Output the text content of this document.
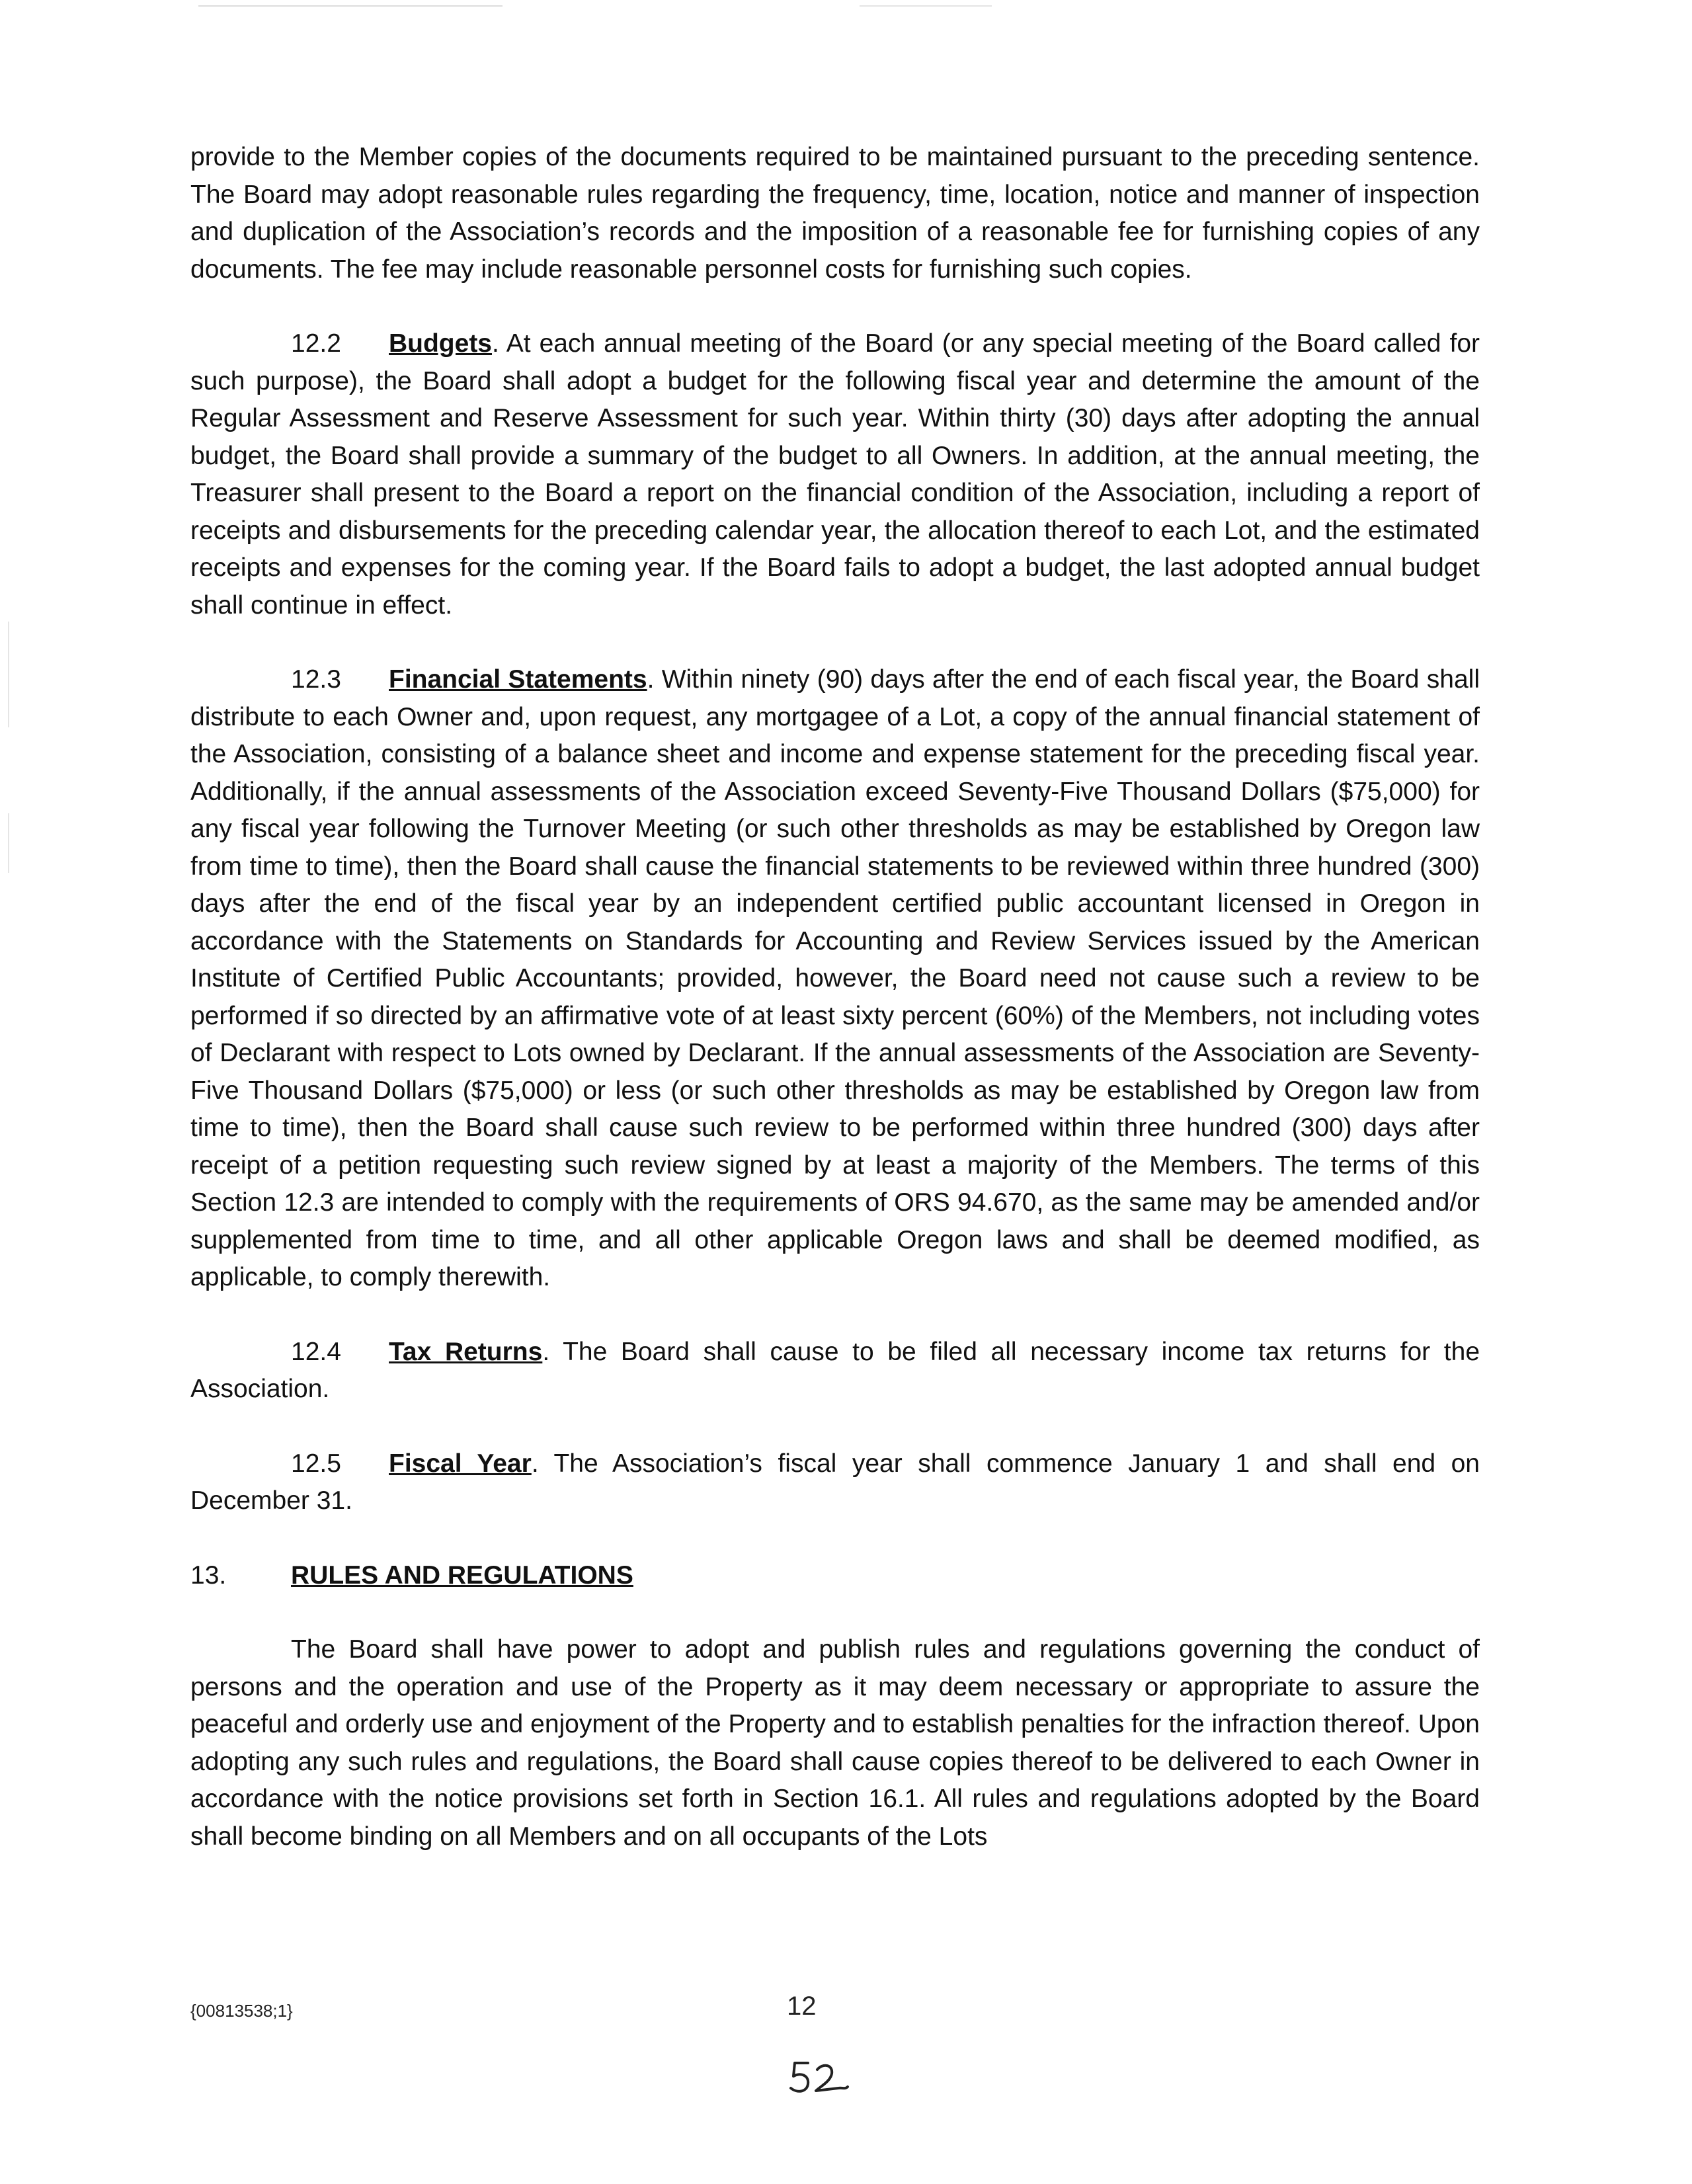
provide to the Member copies of the documents required to be maintained pursuant to the preceding sentence. The Board may adopt reasonable rules regarding the frequency, time, location, notice and manner of inspection and duplication of the Association’s records and the imposition of a reasonable fee for furnishing copies of any documents. The fee may include reasonable personnel costs for furnishing such copies.

12.2 Budgets. At each annual meeting of the Board (or any special meeting of the Board called for such purpose), the Board shall adopt a budget for the following fiscal year and determine the amount of the Regular Assessment and Reserve Assessment for such year. Within thirty (30) days after adopting the annual budget, the Board shall provide a summary of the budget to all Owners. In addition, at the annual meeting, the Treasurer shall present to the Board a report on the financial condition of the Association, including a report of receipts and disbursements for the preceding calendar year, the allocation thereof to each Lot, and the estimated receipts and expenses for the coming year. If the Board fails to adopt a budget, the last adopted annual budget shall continue in effect.

12.3 Financial Statements. Within ninety (90) days after the end of each fiscal year, the Board shall distribute to each Owner and, upon request, any mortgagee of a Lot, a copy of the annual financial statement of the Association, consisting of a balance sheet and income and expense statement for the preceding fiscal year. Additionally, if the annual assessments of the Association exceed Seventy-Five Thousand Dollars ($75,000) for any fiscal year following the Turnover Meeting (or such other thresholds as may be established by Oregon law from time to time), then the Board shall cause the financial statements to be reviewed within three hundred (300) days after the end of the fiscal year by an independent certified public accountant licensed in Oregon in accordance with the Statements on Standards for Accounting and Review Services issued by the American Institute of Certified Public Accountants; provided, however, the Board need not cause such a review to be performed if so directed by an affirmative vote of at least sixty percent (60%) of the Members, not including votes of Declarant with respect to Lots owned by Declarant. If the annual assessments of the Association are Seventy-Five Thousand Dollars ($75,000) or less (or such other thresholds as may be established by Oregon law from time to time), then the Board shall cause such review to be performed within three hundred (300) days after receipt of a petition requesting such review signed by at least a majority of the Members. The terms of this Section 12.3 are intended to comply with the requirements of ORS 94.670, as the same may be amended and/or supplemented from time to time, and all other applicable Oregon laws and shall be deemed modified, as applicable, to comply therewith.

12.4 Tax Returns. The Board shall cause to be filed all necessary income tax returns for the Association.

12.5 Fiscal Year. The Association’s fiscal year shall commence January 1 and shall end on December 31.

13.	RULES AND REGULATIONS

The Board shall have power to adopt and publish rules and regulations governing the conduct of persons and the operation and use of the Property as it may deem necessary or appropriate to assure the peaceful and orderly use and enjoyment of the Property and to establish penalties for the infraction thereof. Upon adopting any such rules and regulations, the Board shall cause copies thereof to be delivered to each Owner in accordance with the notice provisions set forth in Section 16.1. All rules and regulations adopted by the Board shall become binding on all Members and on all occupants of the Lots

{00813538;1}	12
